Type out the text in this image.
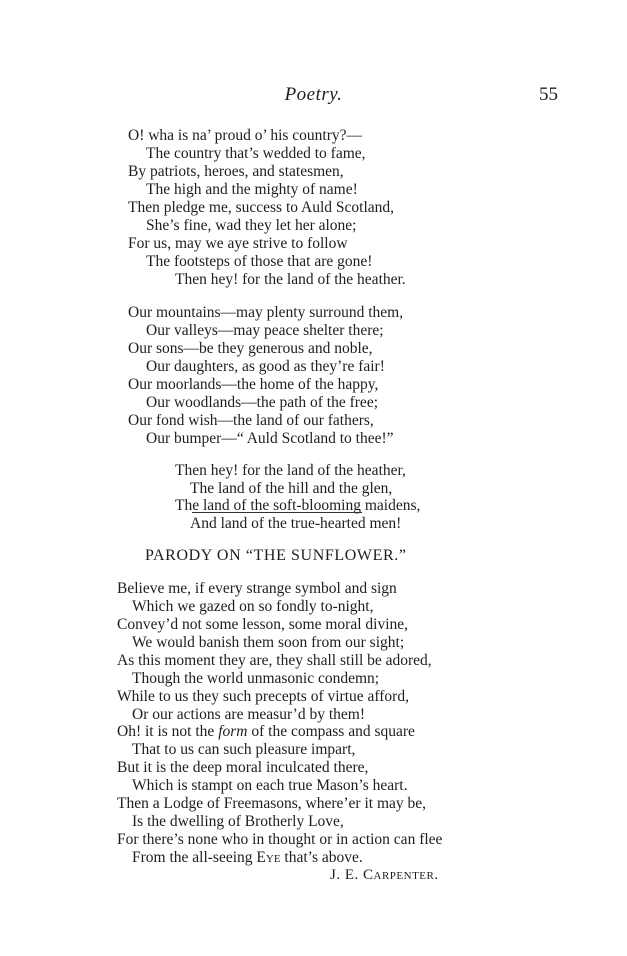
Poetry.	55
O! wha is na’ proud o’ his country?—
The country that’s wedded to fame,
By patriots, heroes, and statesmen,
The high and the mighty of name!
Then pledge me, success to Auld Scotland,
She’s fine, wad they let her alone;
For us, may we aye strive to follow
The footsteps of those that are gone!
Then hey! for the land of the heather.
Our mountains—may plenty surround them,
Our valleys—may peace shelter there;
Our sons—be they generous and noble,
Our daughters, as good as they’re fair!
Our moorlands—the home of the happy,
Our woodlands—the path of the free;
Our fond wish—the land of our fathers,
Our bumper—“ Auld Scotland to thee!”
Then hey! for the land of the heather,
The land of the hill and the glen,
The land of the soft-blooming maidens,
And land of the true-hearted men!
PARODY ON “THE SUNFLOWER.”
Believe me, if every strange symbol and sign
Which we gazed on so fondly to-night,
Convey’d not some lesson, some moral divine,
We would banish them soon from our sight;
As this moment they are, they shall still be adored,
Though the world unmasonic condemn;
While to us they such precepts of virtue afford,
Or our actions are measur’d by them!
Oh! it is not the form of the compass and square
That to us can such pleasure impart,
But it is the deep moral inculcated there,
Which is stampt on each true Mason’s heart.
Then a Lodge of Freemasons, where’er it may be,
Is the dwelling of Brotherly Love,
For there’s none who in thought or in action can flee
From the all-seeing Eye that’s above.
J. E. Carpenter.
